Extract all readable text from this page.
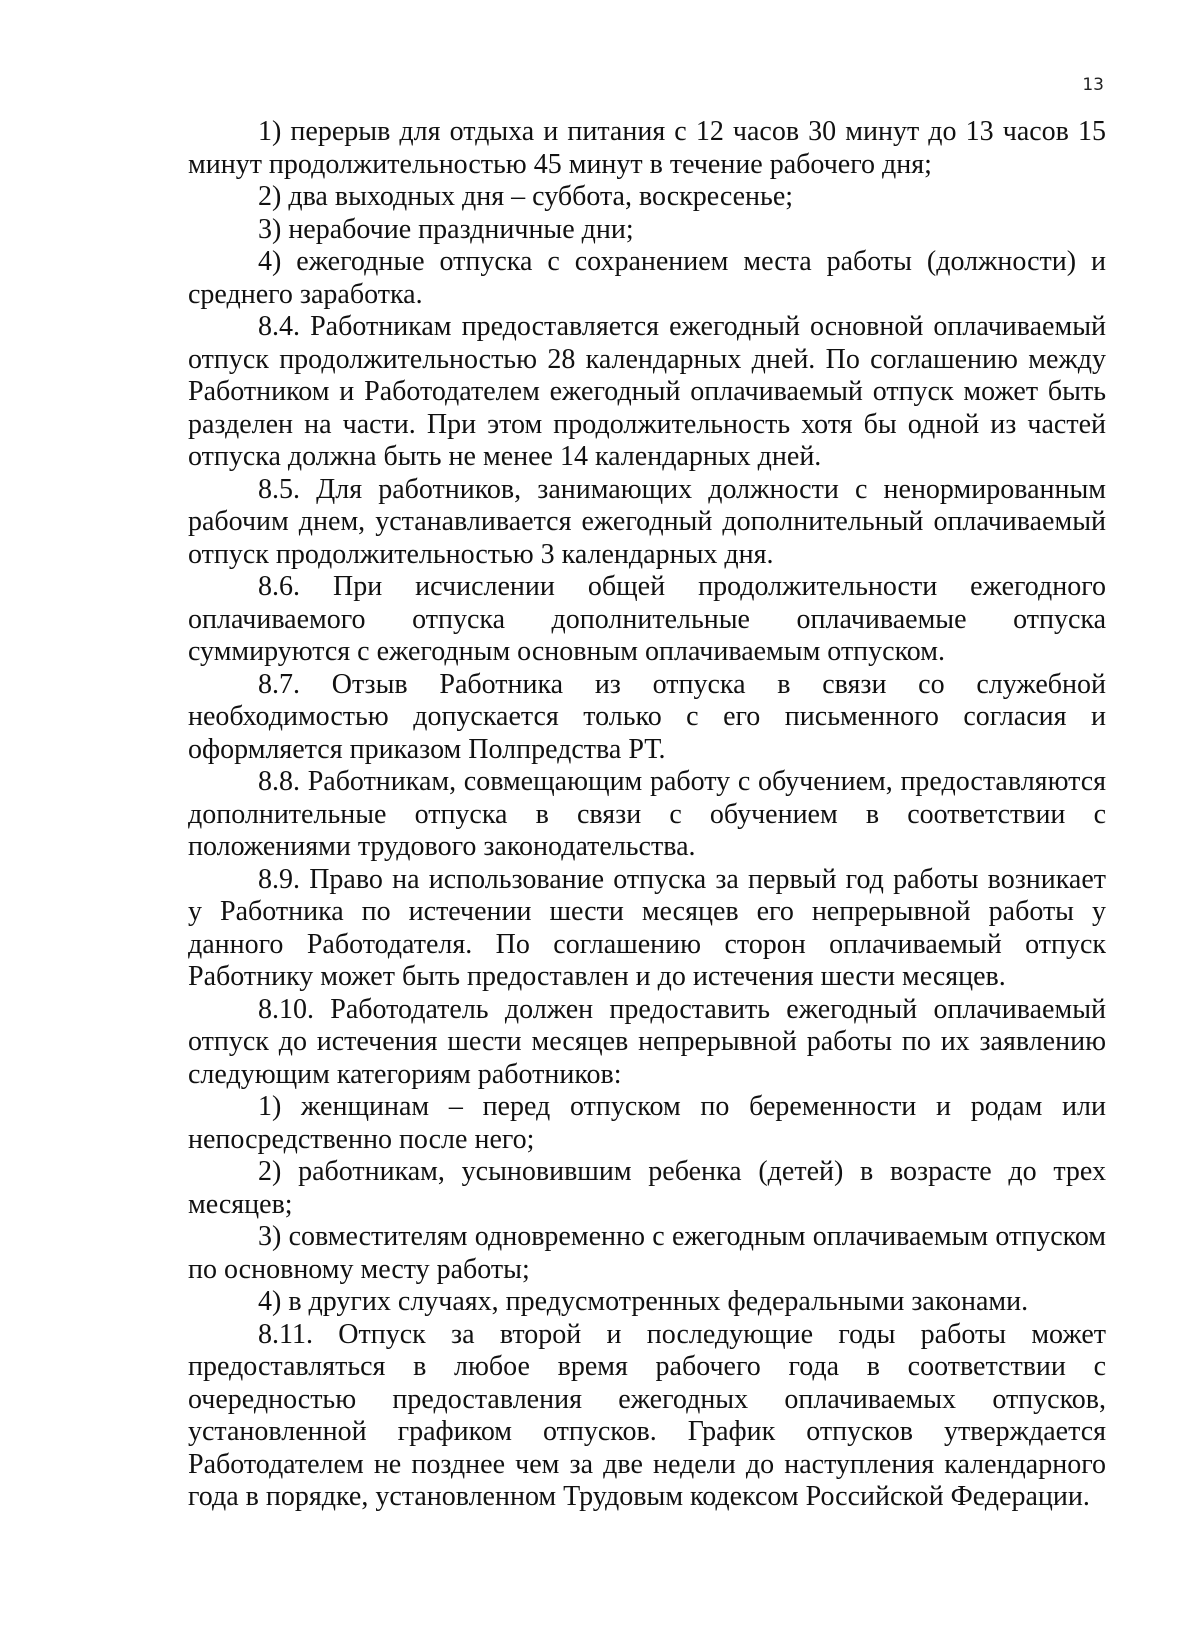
13

1) перерыв для отдыха и питания с 12 часов 30 минут до 13 часов 15 минут продолжительностью 45 минут в течение рабочего дня;

2) два выходных дня – суббота, воскресенье;

3) нерабочие праздничные дни;

4) ежегодные отпуска с сохранением места работы (должности) и среднего заработка.

8.4. Работникам предоставляется ежегодный основной оплачиваемый отпуск продолжительностью 28 календарных дней. По соглашению между Работником и Работодателем ежегодный оплачиваемый отпуск может быть разделен на части. При этом продолжительность хотя бы одной из частей отпуска должна быть не менее 14 календарных дней.

8.5. Для работников, занимающих должности с ненормированным рабочим днем, устанавливается ежегодный дополнительный оплачиваемый отпуск продолжительностью 3 календарных дня.

8.6. При исчислении общей продолжительности ежегодного оплачиваемого отпуска дополнительные оплачиваемые отпуска суммируются с ежегодным основным оплачиваемым отпуском.

8.7. Отзыв Работника из отпуска в связи со служебной необходимостью допускается только с его письменного согласия и оформляется приказом Полпредства РТ.

8.8. Работникам, совмещающим работу с обучением, предоставляются дополнительные отпуска в связи с обучением в соответствии с положениями трудового законодательства.

8.9. Право на использование отпуска за первый год работы возникает у Работника по истечении шести месяцев его непрерывной работы у данного Работодателя. По соглашению сторон оплачиваемый отпуск Работнику может быть предоставлен и до истечения шести месяцев.

8.10. Работодатель должен предоставить ежегодный оплачиваемый отпуск до истечения шести месяцев непрерывной работы по их заявлению следующим категориям работников:

1) женщинам – перед отпуском по беременности и родам или непосредственно после него;

2) работникам, усыновившим ребенка (детей) в возрасте до трех месяцев;

3) совместителям одновременно с ежегодным оплачиваемым отпуском по основному месту работы;

4) в других случаях, предусмотренных федеральными законами.

8.11. Отпуск за второй и последующие годы работы может предоставляться в любое время рабочего года в соответствии с очередностью предоставления ежегодных оплачиваемых отпусков, установленной графиком отпусков. График отпусков утверждается Работодателем не позднее чем за две недели до наступления календарного года в порядке, установленном Трудовым кодексом Российской Федерации.
